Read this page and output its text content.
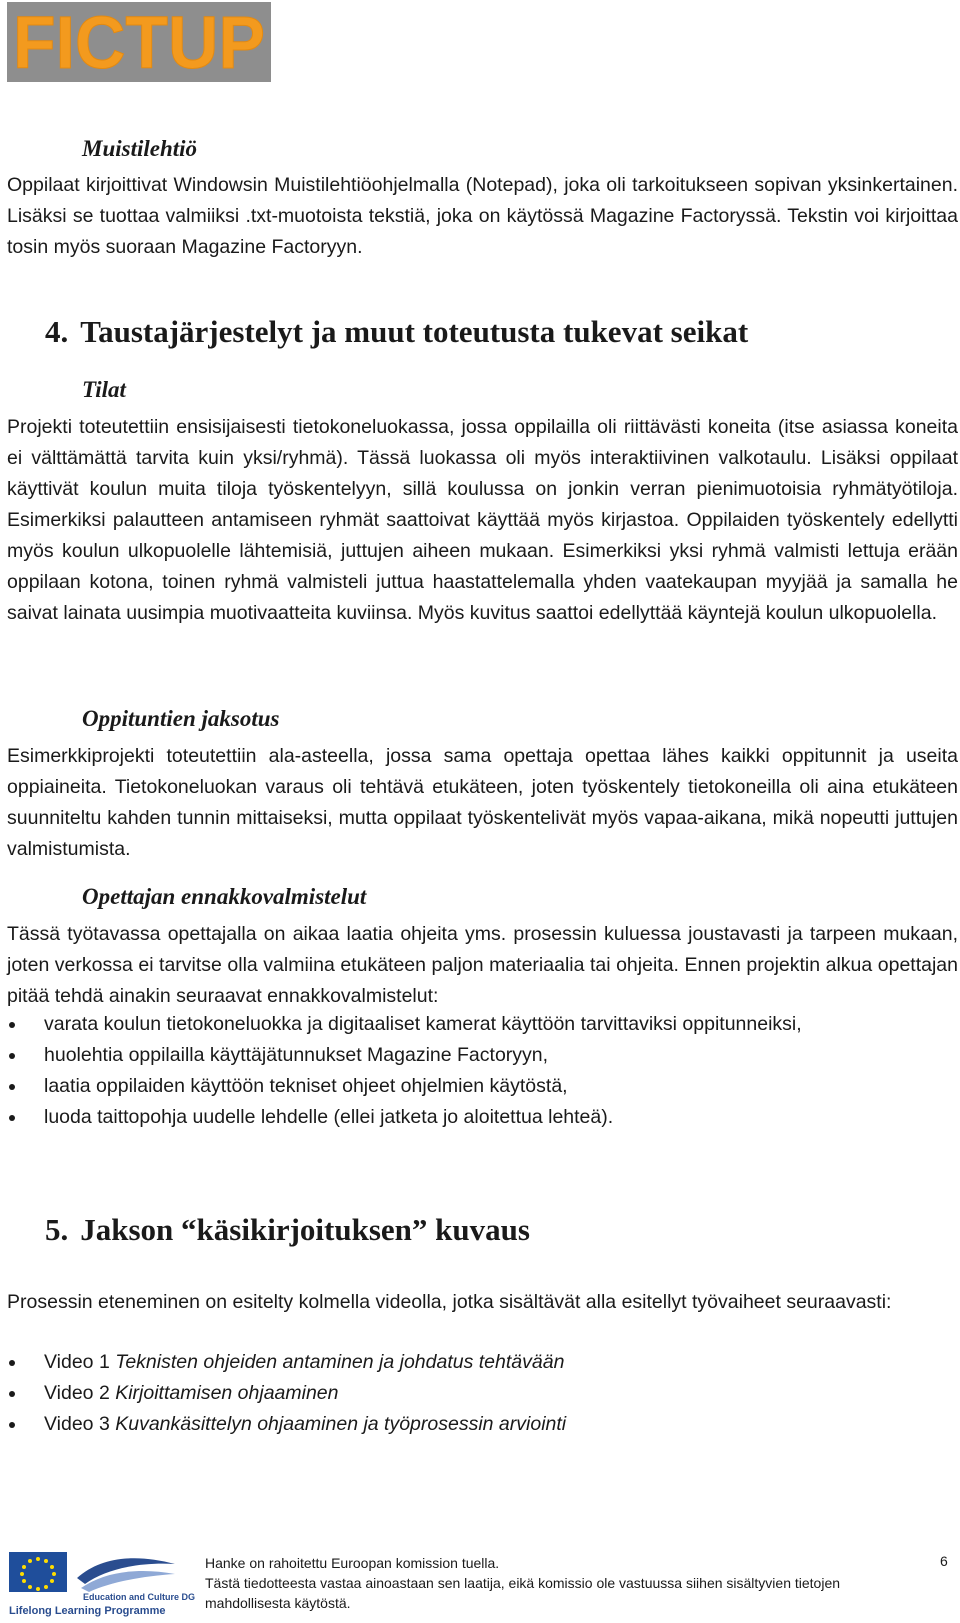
FICTUP
Muistilehtiö
Oppilaat kirjoittivat Windowsin Muistilehtiöohjelmalla (Notepad), joka oli tarkoitukseen sopivan yksinkertainen. Lisäksi se tuottaa valmiiksi .txt-muotoista tekstiä, joka on käytössä Magazine Factoryssä. Tekstin voi kirjoittaa tosin myös suoraan Magazine Factoryyn.
4. Taustajärjestelyt ja muut toteutusta tukevat seikat
Tilat
Projekti toteutettiin ensisijaisesti tietokoneluokassa, jossa oppilailla oli riittävästi koneita (itse asiassa koneita ei välttämättä tarvita kuin yksi/ryhmä). Tässä luokassa oli myös interaktiivinen valkotaulu. Lisäksi oppilaat käyttivät koulun muita tiloja työskentelyyn, sillä koulussa on jonkin verran pienimuotoisia ryhmätyötiloja. Esimerkiksi palautteen antamiseen ryhmät saattoivat käyttää myös kirjastoa. Oppilaiden työskentely edellytti myös koulun ulkopuolelle lähtemisiä, juttujen aiheen mukaan. Esimerkiksi yksi ryhmä valmisti lettuja erään oppilaan kotona, toinen ryhmä valmisteli juttua haastattelemalla yhden vaatekaupan myyjää ja samalla he saivat lainata uusimpia muotivaatteita kuviinsa. Myös kuvitus saattoi edellyttää käyntejä koulun ulkopuolella.
Oppituntien jaksotus
Esimerkkiprojekti toteutettiin ala-asteella, jossa sama opettaja opettaa lähes kaikki oppitunnit ja useita oppiaineita. Tietokoneluokan varaus oli tehtävä etukäteen, joten työskentely tietokoneilla oli aina etukäteen suunniteltu kahden tunnin mittaiseksi, mutta oppilaat työskentelivät myös vapaa-aikana, mikä nopeutti juttujen valmistumista.
Opettajan ennakkovalmistelut
Tässä työtavassa opettajalla on aikaa laatia ohjeita yms. prosessin kuluessa joustavasti ja tarpeen mukaan, joten verkossa ei tarvitse olla valmiina etukäteen paljon materiaalia tai ohjeita. Ennen projektin alkua opettajan pitää tehdä ainakin seuraavat ennakkovalmistelut:
varata koulun tietokoneluokka ja digitaaliset kamerat käyttöön tarvittaviksi oppitunneiksi,
huolehtia oppilailla käyttäjätunnukset Magazine Factoryyn,
laatia oppilaiden käyttöön tekniset ohjeet ohjelmien käytöstä,
luoda taittopohja uudelle lehdelle (ellei jatketa jo aloitettua lehteä).
5. Jakson “käsikirjoituksen” kuvaus
Prosessin eteneminen on esitelty kolmella videolla, jotka sisältävät alla esitellyt työvaiheet seuraavasti:
Video 1 Teknisten ohjeiden antaminen ja johdatus tehtävään
Video 2 Kirjoittamisen ohjaaminen
Video 3 Kuvankäsittelyn ohjaaminen ja työprosessin arviointi
Education and Culture DG
Lifelong Learning Programme
Hanke on rahoitettu Euroopan komission tuella.
Tästä tiedotteesta vastaa ainoastaan sen laatija, eikä komissio ole vastuussa siihen sisältyvien tietojen mahdollisesta käytöstä.
6
